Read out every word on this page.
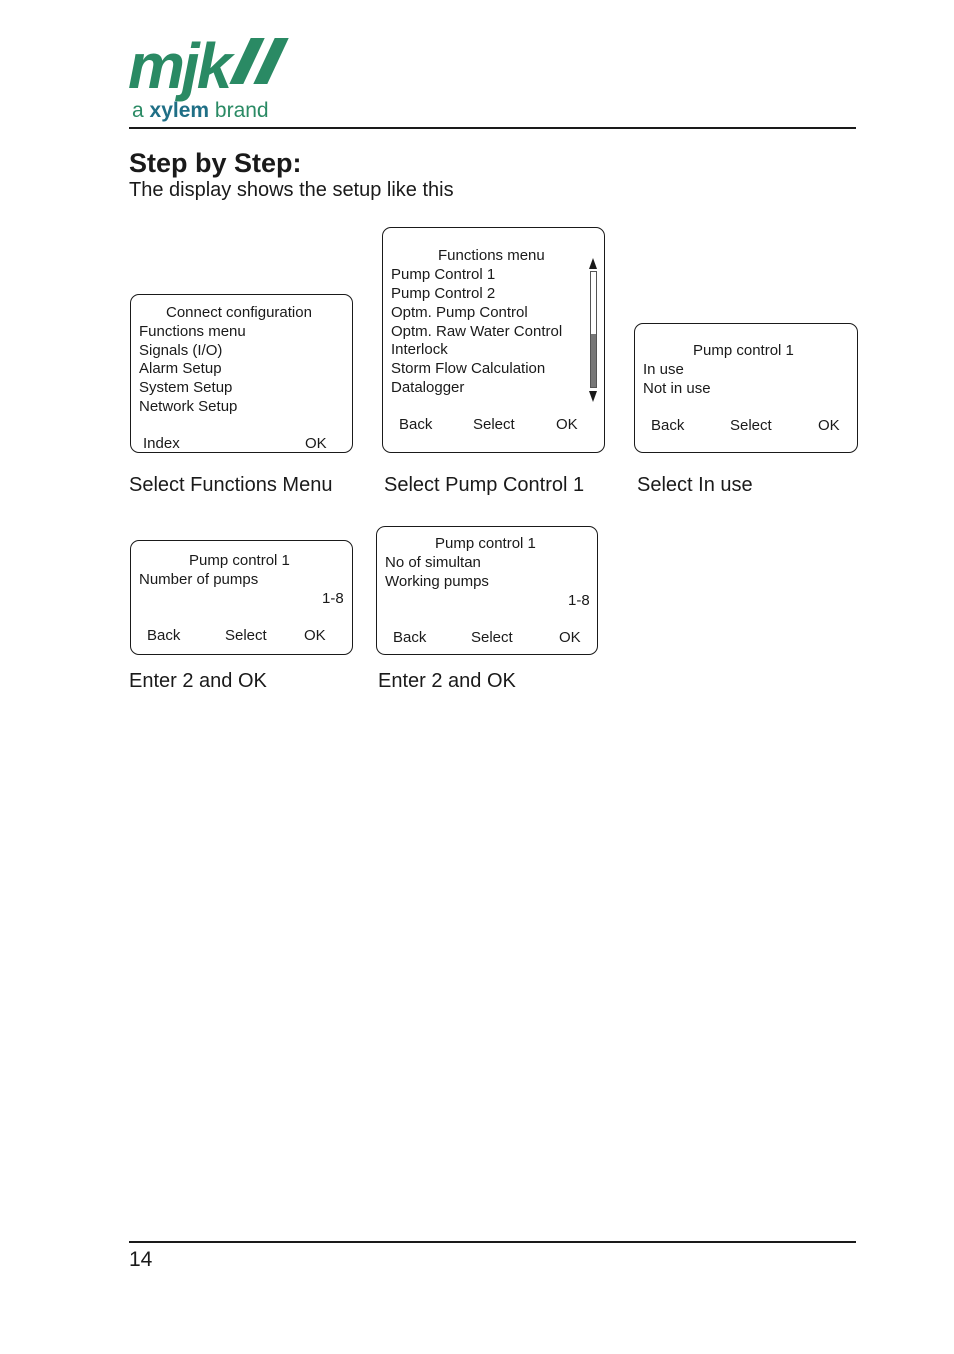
mjk
a xylem brand
Step by Step:
The display shows the setup like this
Connect configuration
Functions menu
Signals (I/O)
Alarm Setup
System Setup
Network Setup
Index	OK
Select Functions Menu
Functions menu
Pump Control 1
Pump Control 2
Optm. Pump Control
Optm. Raw Water Control
Interlock
Storm Flow Calculation
Datalogger
Back	Select	OK
Select Pump Control 1
Pump control 1
In use
Not in use
Back	Select	OK
Select In use
Pump control 1
Number of pumps
1-8
Back	Select OK
Enter 2 and OK
Pump control 1
No of simultan
Working pumps
1-8
Back	Select	OK
Enter 2 and OK
14
